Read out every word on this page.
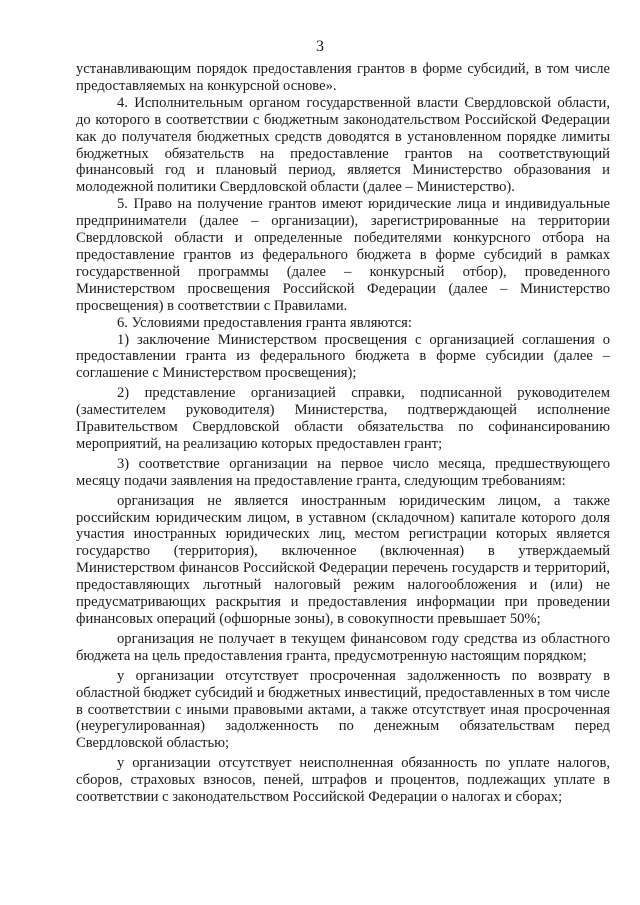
3

устанавливающим порядок предоставления грантов в форме субсидий, в том числе предоставляемых на конкурсной основе».

4. Исполнительным органом государственной власти Свердловской области, до которого в соответствии с бюджетным законодательством Российской Федерации как до получателя бюджетных средств доводятся в установленном порядке лимиты бюджетных обязательств на предоставление грантов на соответствующий финансовый год и плановый период, является Министерство образования и молодежной политики Свердловской области (далее – Министерство).

5. Право на получение грантов имеют юридические лица и индивидуальные предприниматели (далее – организации), зарегистрированные на территории Свердловской области и определенные победителями конкурсного отбора на предоставление грантов из федерального бюджета в форме субсидий в рамках государственной программы (далее – конкурсный отбор), проведенного Министерством просвещения Российской Федерации (далее – Министерство просвещения) в соответствии с Правилами.

6. Условиями предоставления гранта являются:

1) заключение Министерством просвещения с организацией соглашения о предоставлении гранта из федерального бюджета в форме субсидии (далее – соглашение с Министерством просвещения);

2) представление организацией справки, подписанной руководителем (заместителем руководителя) Министерства, подтверждающей исполнение Правительством Свердловской области обязательства по софинансированию мероприятий, на реализацию которых предоставлен грант;

3) соответствие организации на первое число месяца, предшествующего месяцу подачи заявления на предоставление гранта, следующим требованиям:

организация не является иностранным юридическим лицом, а также российским юридическим лицом, в уставном (складочном) капитале которого доля участия иностранных юридических лиц, местом регистрации которых является государство (территория), включенное (включенная) в утверждаемый Министерством финансов Российской Федерации перечень государств и территорий, предоставляющих льготный налоговый режим налогообложения и (или) не предусматривающих раскрытия и предоставления информации при проведении финансовых операций (офшорные зоны), в совокупности превышает 50%;

организация не получает в текущем финансовом году средства из областного бюджета на цель предоставления гранта, предусмотренную настоящим порядком;

у организации отсутствует просроченная задолженность по возврату в областной бюджет субсидий и бюджетных инвестиций, предоставленных в том числе в соответствии с иными правовыми актами, а также отсутствует иная просроченная (неурегулированная) задолженность по денежным обязательствам перед Свердловской областью;

у организации отсутствует неисполненная обязанность по уплате налогов, сборов, страховых взносов, пеней, штрафов и процентов, подлежащих уплате в соответствии с законодательством Российской Федерации о налогах и сборах;
